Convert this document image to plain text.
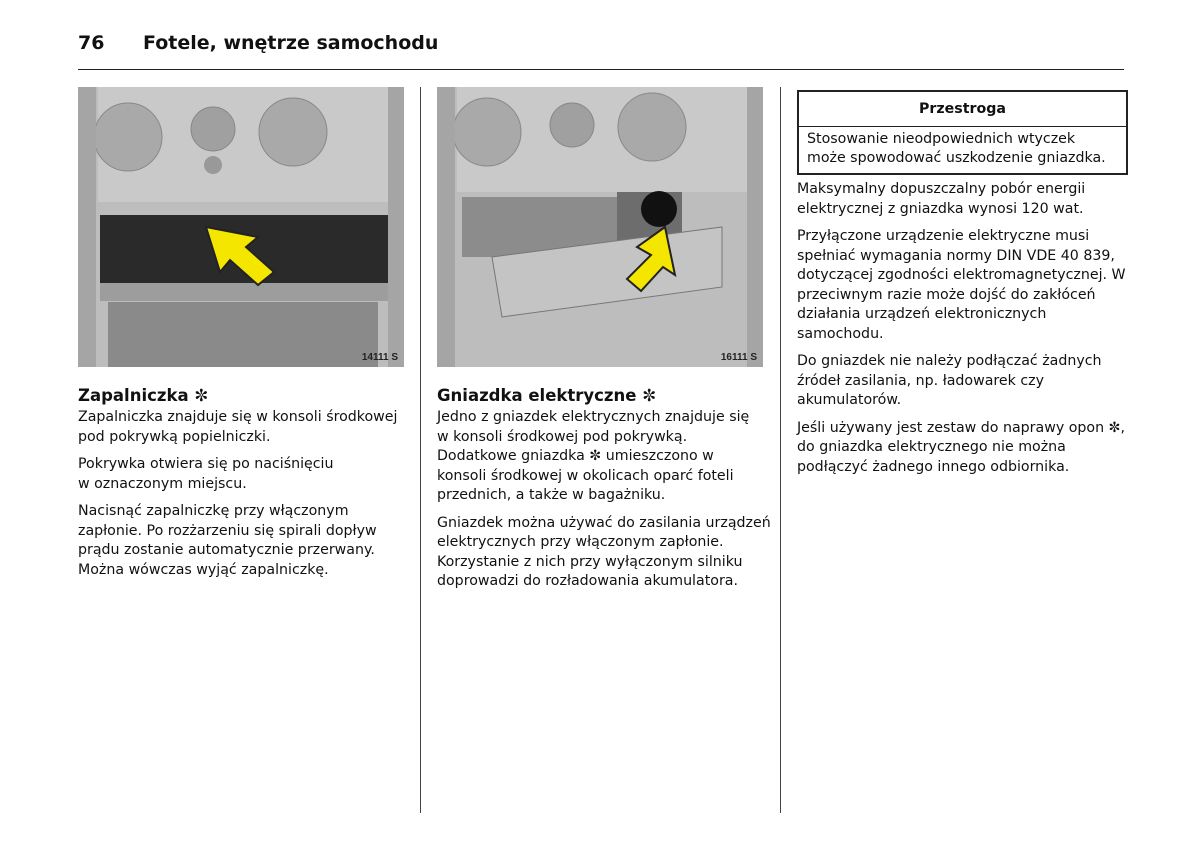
76 Fotele, wnętrze samochodu
14111 S	16111 S
Zapalniczka ✼

Zapalniczka znajduje się w konsoli środkowej pod pokrywką popielniczki.

Pokrywka otwiera się po naciśnięciu w oznaczonym miejscu.

Nacisnąć zapalniczkę przy włączonym zapłonie. Po rozżarzeniu się spirali dopływ prądu zostanie automatycznie przerwany. Można wówczas wyjąć zapalniczkę.

Gniazdka elektryczne ✼

Jedno z gniazdek elektrycznych znajduje się w konsoli środkowej pod pokrywką. Dodatkowe gniazdka ✼ umieszczono w konsoli środkowej w okolicach oparć foteli przednich, a także w bagażniku.

Gniazdek można używać do zasilania urządzeń elektrycznych przy włączonym zapłonie. Korzystanie z nich przy wyłączonym silniku doprowadzi do rozładowania akumulatora.

Przestroga
Stosowanie nieodpowiednich wtyczek może spowodować uszkodzenie gniazdka.

Maksymalny dopuszczalny pobór energii elektrycznej z gniazdka wynosi 120 wat.

Przyłączone urządzenie elektryczne musi spełniać wymagania normy DIN VDE 40 839, dotyczącej zgodności elektromagnetycznej. W przeciwnym razie może dojść do zakłóceń działania urządzeń elektronicznych samochodu.

Do gniazdek nie należy podłączać żadnych źródeł zasilania, np. ładowarek czy akumulatorów.

Jeśli używany jest zestaw do naprawy opon ✼, do gniazdka elektrycznego nie można podłączyć żadnego innego odbiornika.
